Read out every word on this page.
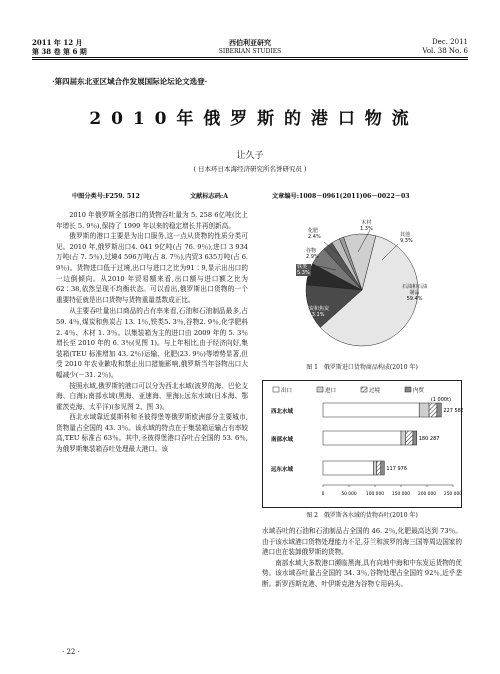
2011 年 12 月
第 38 卷 第 6 期
西伯利亚研究
SIBERIAN STUDIES
Dec. 2011
Vol. 38 No. 6
·第四届东北亚区域合作发展国际论坛论文选登·
2 0 1 0 年 俄 罗 斯 的 港 口 物 流
让久子
( 日本环日本海经济研究所名誉研究员 )
中图分类号:F259. 512	文献标志码:A	文章编号:1008－0961(2011)06－0022－03

2010 年俄罗斯全部港口的货物吞吐量为 5. 258 6亿吨(比上年增长 5. 9％),保持了 1999 年以来的稳定增长并再创新高。

俄罗斯的港口主要是为出口服务,这一点从货物的性质分类可见。2010 年,俄罗斯出口4. 041 9亿吨(占 76. 9％),进口 3 934 万吨(占 7. 5％),过境4 596万吨(占 8. 7％),内贸3 635万吨(占 6. 9％)。货物进口低于过境,出口与进口之比为91∶9,显示出出口的一边倒倾向。从2010 年贸易额来看,出口额与进口额之比为62∶38,依然呈现不均衡状态。可以看出,俄罗斯出口货物的一个重要特征就是出口货物与货物重量基数成正比。

从主要吞吐量出口商品的占有率来看,石油和石油制品最多,占 59. 4％,煤炭和焦炭占 13. 1％,铁类5. 3％,谷物2. 9％,化学肥料2. 4％、木材 1. 3％。以集装箱为主的进口由 2009 年的 5. 3％增长至 2010 年的 6. 3％(见图 1)。与上年相比,由于经济向好,集装箱(TEU 标准增加 43. 2％)运输、化肥(23. 9％)等增势显著,但受 2010 年农业歉收和禁止出口措施影响,俄罗斯当年谷物出口大幅减少(－31. 2％)。

按照水域,俄罗斯的港口可以分为西北水域(波罗的海、巴伦支海、白海);南部水域(黑海、亚速海、里海);远东水域(日本海、鄂霍茨克海、太平洋)(参见图 2、图 3)。

西北水域靠近莫斯科和圣彼得堡等俄罗斯欧洲部分主要城市,货物量占全国的 43. 3％。该水域的特点在于集装箱运输占有率较高,TEU 标准占 63％。其中,圣彼得堡港口吞吐占全国的 53. 6％,为俄罗斯集装箱吞吐处理最大港口。该

木材
1.3%
化肥
2.4%	其他
9.3%
谷物
2.9%
铁类
5.3%
集装
6.3%
煤炭和焦炭
13.1%
石油和石油
制品
59.4%
图 1　俄罗斯进口货物商品构成(2010 年)
出口	进口	过境	内贸
(1 000t)
西北水域	227 583
南部水域	180 287
远东水域	117 976
0	50 000 100 000 150 000 200 000 250 000
图 2　俄罗斯各水域的货物吞吐(2010 年)

水域吞吐的石油和石油制品占全国的 46. 2％,化肥最高达到 73％。由于该水域港口货物处理能力不足,芬兰和波罗的海三国等周边国家的港口也在装卸俄罗斯的货物。

南部水域大多数港口濒临黑海,具有向地中海和中东发运货物的优势。该水域吞吐量占全国的 34. 3％,谷物处理占全国的 92％,近乎垄断。新罗西斯克港、叶伊斯克港为谷物专用码头。

· 22 ·
